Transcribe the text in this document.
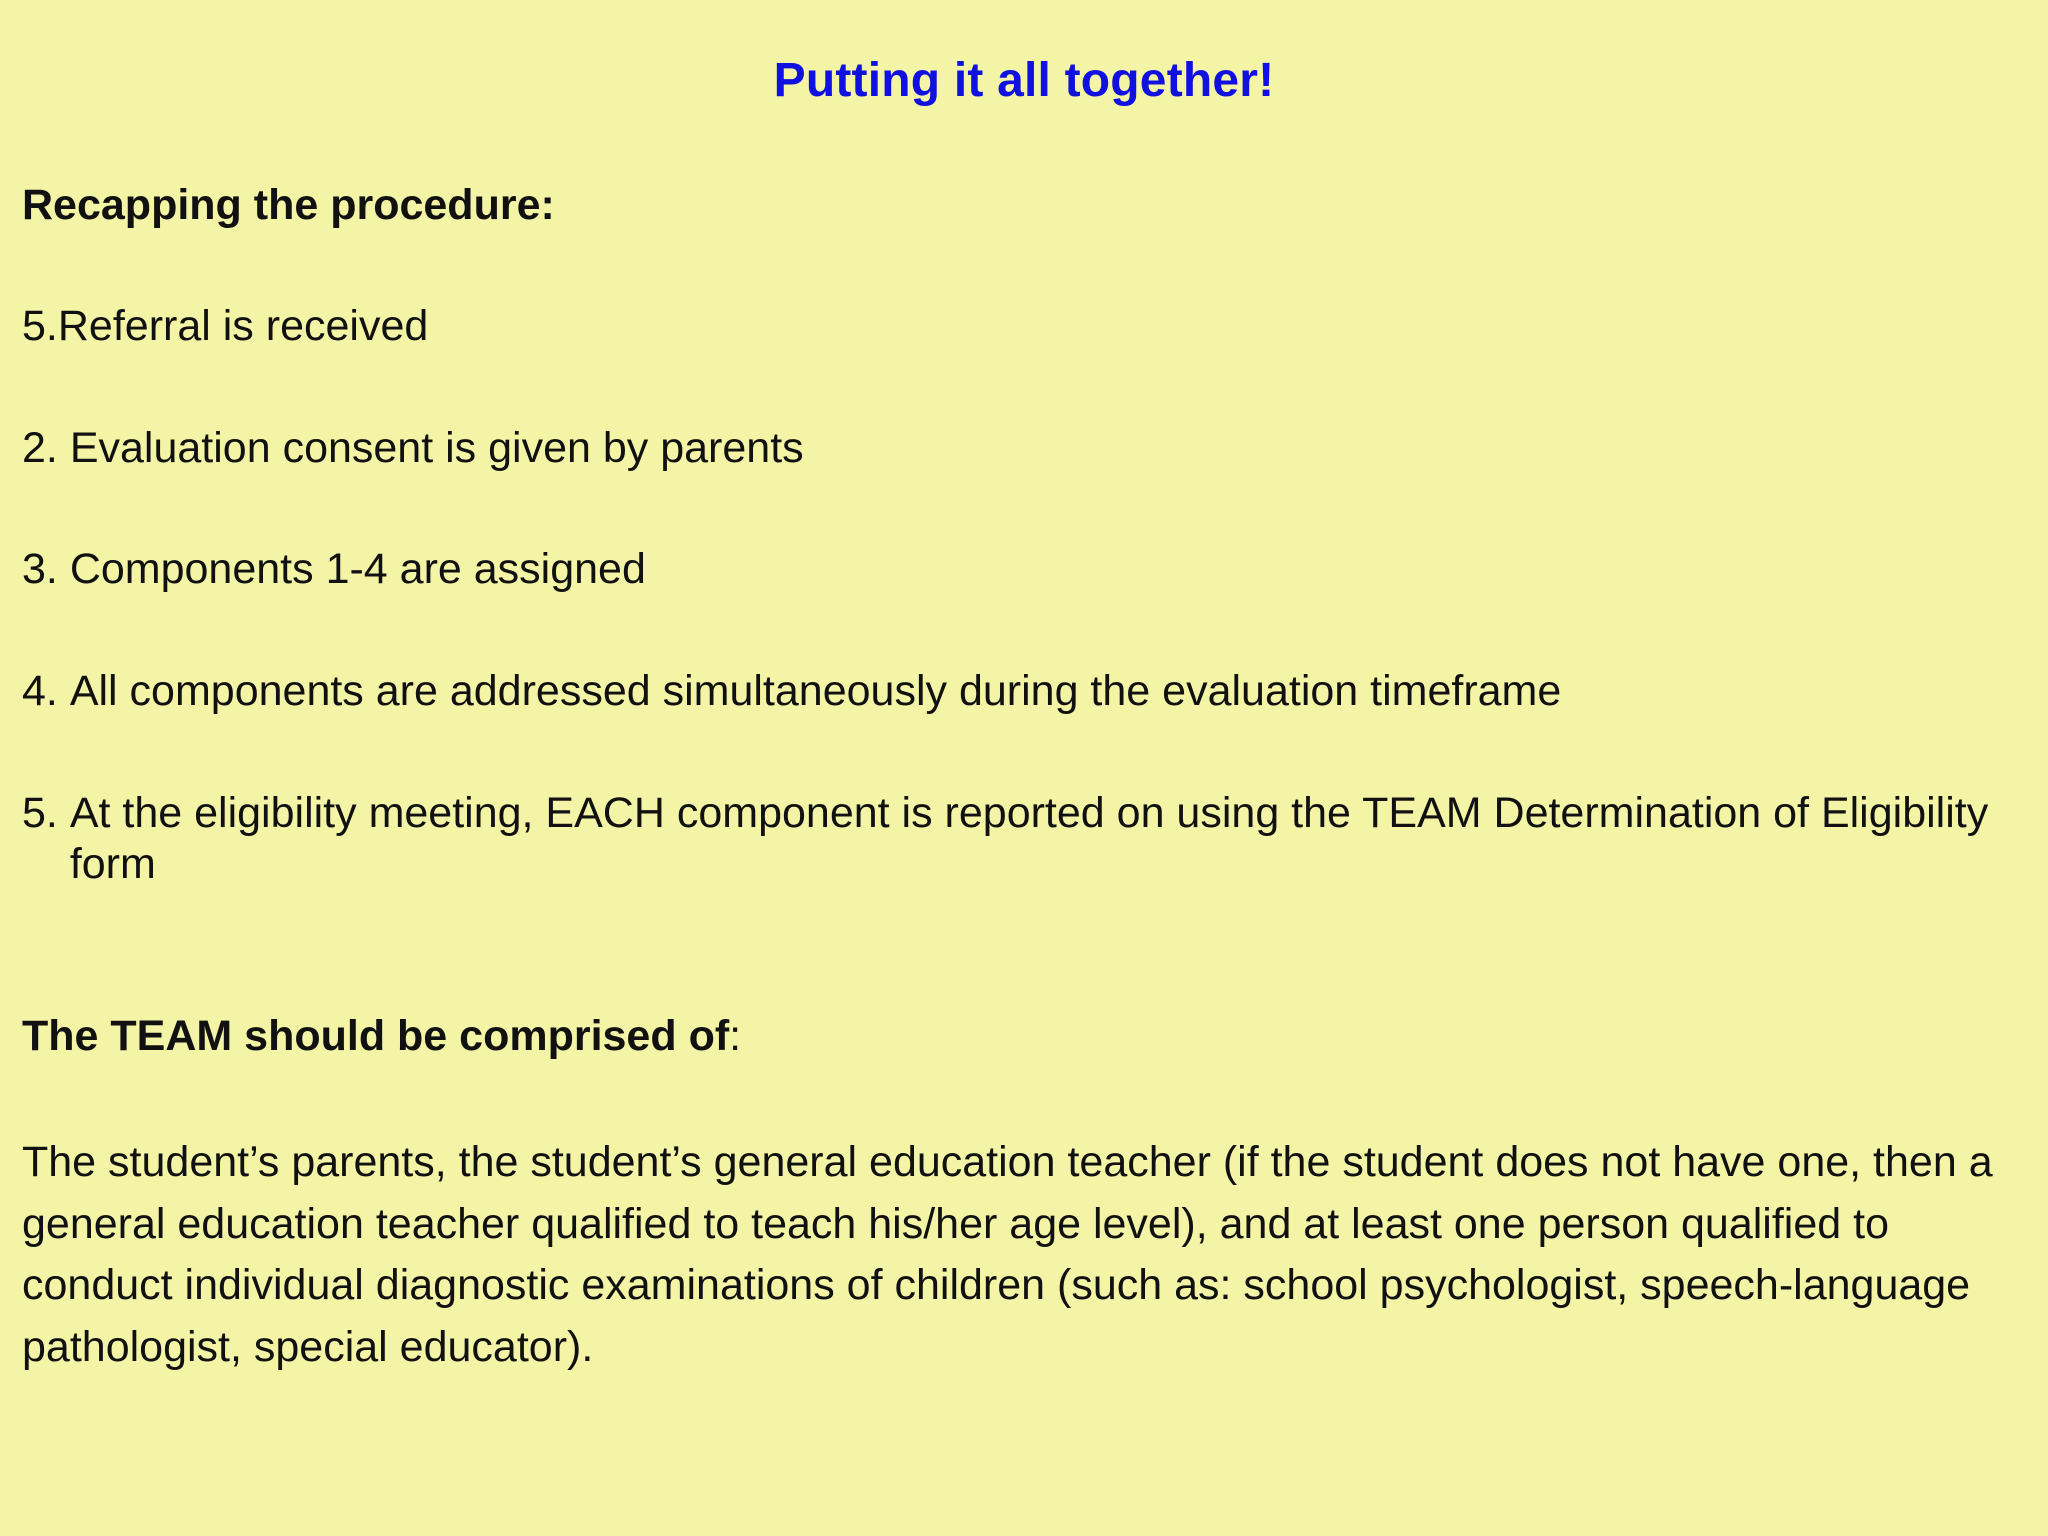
Putting it all together!
Recapping the procedure:
5. Referral is received
2. Evaluation consent is given by parents
3. Components 1-4 are assigned
4. All components are addressed simultaneously during the evaluation timeframe
5. At the eligibility meeting, EACH component is reported on using the TEAM Determination of Eligibility form
The TEAM should be comprised of:

The student’s parents, the student’s general education teacher (if the student does not have one, then a general education teacher qualified to teach his/her age level), and at least one person qualified to conduct individual diagnostic examinations of children (such as: school psychologist, speech-language pathologist, special educator).
